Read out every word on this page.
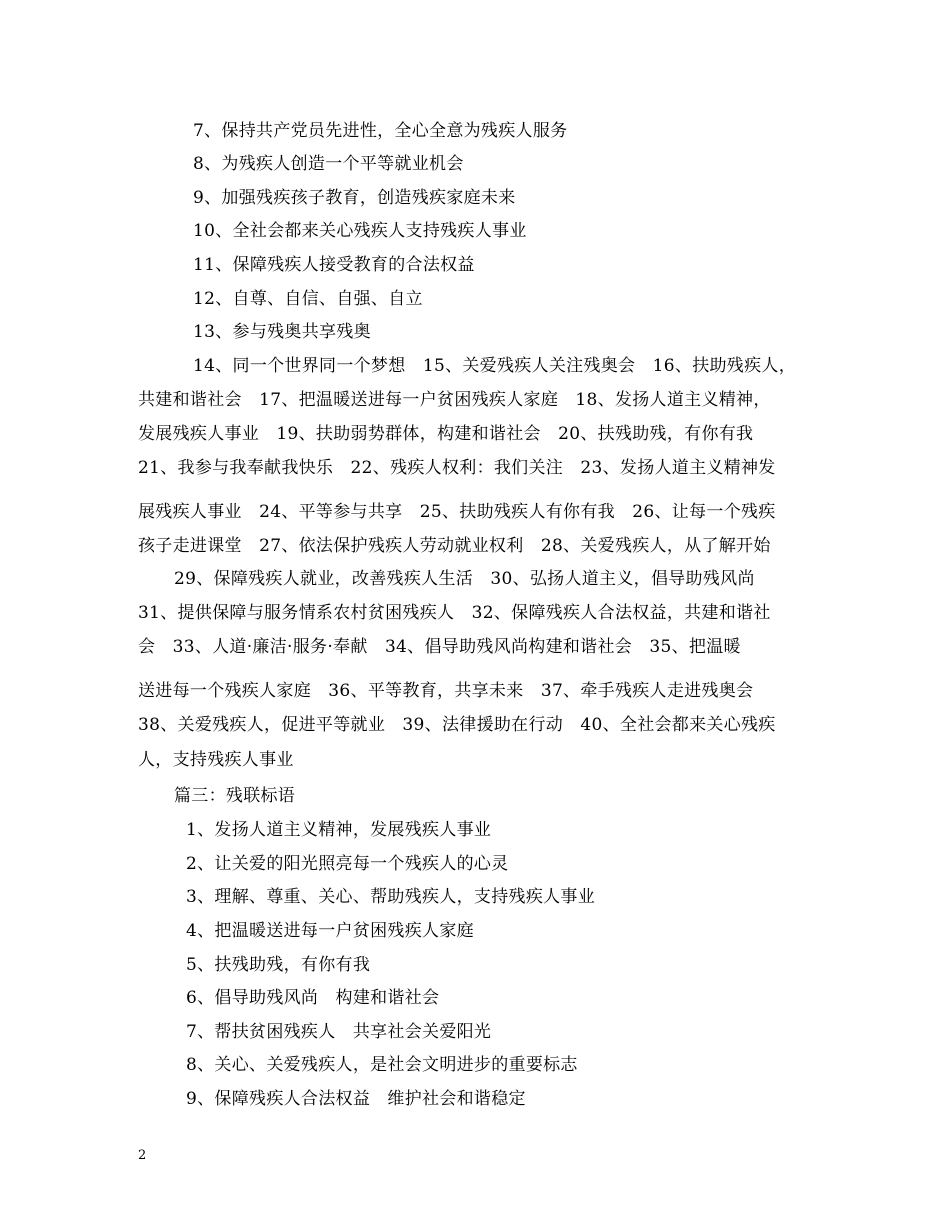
7、保持共产党员先进性，全心全意为残疾人服务
8、为残疾人创造一个平等就业机会
9、加强残疾孩子教育，创造残疾家庭未来
10、全社会都来关心残疾人支持残疾人事业
11、保障残疾人接受教育的合法权益
12、自尊、自信、自强、自立
13、参与残奥共享残奥
14、同一个世界同一个梦想　15、关爱残疾人关注残奥会　16、扶助残疾人，
共建和谐社会　17、把温暖送进每一户贫困残疾人家庭　18、发扬人道主义精神，
发展残疾人事业　19、扶助弱势群体，构建和谐社会　20、扶残助残，有你有我
21、我参与我奉献我快乐　22、残疾人权利：我们关注　23、发扬人道主义精神发
展残疾人事业　24、平等参与共享　25、扶助残疾人有你有我　26、让每一个残疾
孩子走进课堂　27、依法保护残疾人劳动就业权利　28、关爱残疾人，从了解开始
29、保障残疾人就业，改善残疾人生活　30、弘扬人道主义，倡导助残风尚
31、提供保障与服务情系农村贫困残疾人　32、保障残疾人合法权益，共建和谐社
会　33、人道·廉洁·服务·奉献　34、倡导助残风尚构建和谐社会　35、把温暖
送进每一个残疾人家庭　36、平等教育，共享未来　37、牵手残疾人走进残奥会
38、关爱残疾人，促进平等就业　39、法律援助在行动　40、全社会都来关心残疾
人，支持残疾人事业
篇三：残联标语
1、发扬人道主义精神，发展残疾人事业
2、让关爱的阳光照亮每一个残疾人的心灵
3、理解、尊重、关心、帮助残疾人，支持残疾人事业
4、把温暖送进每一户贫困残疾人家庭
5、扶残助残，有你有我
6、倡导助残风尚　构建和谐社会
7、帮扶贫困残疾人　共享社会关爱阳光
8、关心、关爱残疾人，是社会文明进步的重要标志
9、保障残疾人合法权益　维护社会和谐稳定
2
